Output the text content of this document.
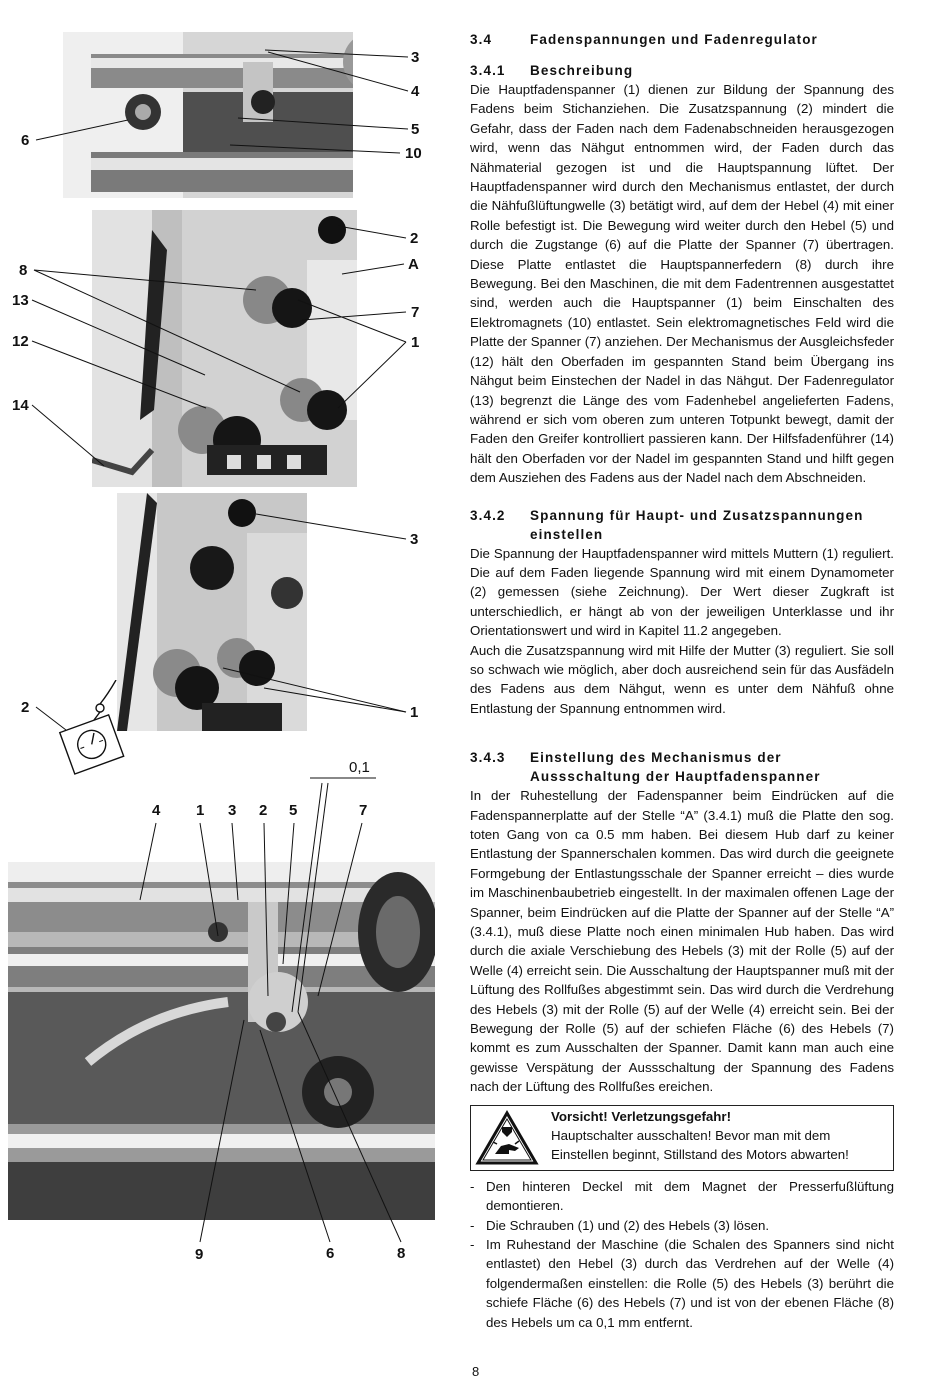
3
4
5
10
6
2
A
7
1
8
13
12
14
3
1
2
0,1
4 1 3 2 5	7
9	6	8
3.4	Fadenspannungen und Fadenregulator
3.4.1	Beschreibung

Die Hauptfadenspanner (1) dienen zur Bildung der Spannung des Fadens beim Stichanziehen. Die Zusatzspannung (2) mindert die Gefahr, dass der Faden nach dem Fadenabschneiden herausgezogen wird, wenn das Nähgut entnommen wird, der Faden durch das Nähmaterial gezogen ist und die Hauptspannung lüftet. Der Hauptfadenspanner wird durch den Mechanismus entlastet, der durch die Nähfußlüftungwelle (3) betätigt wird, auf dem der Hebel (4) mit einer Rolle befestigt ist. Die Bewegung wird weiter durch den Hebel (5) und durch die Zugstange (6) auf die Platte der Spanner (7) übertragen. Diese Platte entlastet die Hauptspannerfedern (8) durch ihre Bewegung. Bei den Maschinen, die mit dem Fadentrennen ausgestattet sind, werden auch die Hauptspanner (1) beim Einschalten des Elektromagnets (10) entlastet. Sein elektromagnetisches Feld wird die Platte der Spanner (7) anziehen. Der Mechanismus der Ausgleichsfeder (12) hält den Oberfaden im gespannten Stand beim Übergang ins Nähgut beim Einstechen der Nadel in das Nähgut. Der Fadenregulator (13) begrenzt die Länge des vom Fadenhebel angelieferten Fadens, während er sich vom oberen zum unteren Totpunkt bewegt, damit der Faden den Greifer kontrolliert passieren kann. Der Hilfsfadenführer (14) hält den Oberfaden vor der Nadel im gespannten Stand und hilft gegen dem Ausziehen des Fadens aus der Nadel nach dem Abschneiden.

3.4.2	Spannung für Haupt- und Zusatzspannungen einstellen

Die Spannung der Hauptfadenspanner wird mittels Muttern (1) reguliert. Die auf dem Faden liegende Spannung wird mit einem Dynamometer (2) gemessen (siehe Zeichnung). Der Wert dieser Zugkraft ist unterschiedlich, er hängt ab von der jeweiligen Unterklasse und ihr Orientationswert und wird in Kapitel 11.2 angegeben.

Auch die Zusatzspannung wird mit Hilfe der Mutter (3) reguliert. Sie soll so schwach wie möglich, aber doch ausreichend sein für das Ausfädeln des Fadens aus dem Nähgut, wenn es unter dem Nähfuß ohne Entlastung der Spannung entnommen wird.

3.4.3	Einstellung des Mechanismus der Aussschaltung der Hauptfadenspanner

In der Ruhestellung der Fadenspanner beim Eindrücken auf die Fadenspannerplatte auf der Stelle “A” (3.4.1) muß die Platte den sog. toten Gang von ca 0.5 mm haben. Bei diesem Hub darf zu keiner Entlastung der Spannerschalen kommen. Das wird durch die geeignete Formgebung der Entlastungsschale der Spanner erreicht – dies wurde im Maschinenbaubetrieb eingestellt. In der maximalen offenen Lage der Spanner, beim Eindrücken auf die Platte der Spanner auf der Stelle “A” (3.4.1), muß diese Platte noch einen minimalen Hub haben. Das wird durch die axiale Verschiebung des Hebels (3) mit der Rolle (5) auf der Welle (4) erreicht sein. Die Ausschaltung der Hauptspanner muß mit der Lüftung des Rollfußes abgestimmt sein. Das wird durch die Verdrehung des Hebels (3) mit der Rolle (5) auf der Welle (4) erreicht sein. Bei der Bewegung der Rolle (5) auf der schiefen Fläche (6) des Hebels (7) kommt es zum Ausschalten der Spanner. Damit kann man auch eine gewisse Verspätung der Aussschaltung der Spannung des Fadens nach der Lüftung des Rollfußes ereichen.

Vorsicht! Verletzungsgefahr!
Hauptschalter ausschalten! Bevor man mit dem Einstellen beginnt, Stillstand des Motors abwarten!
- Den hinteren Deckel mit dem Magnet der Presserfußlüftung demontieren.
- Die Schrauben (1) und (2) des Hebels (3) lösen.
- Im Ruhestand der Maschine (die Schalen des Spanners sind nicht entlastet) den Hebel (3) durch das Verdrehen auf der Welle (4) folgendermaßen einstellen: die Rolle (5) des Hebels (3) berührt die schiefe Fläche (6) des Hebels (7) und ist von der ebenen Fläche (8) des Hebels um ca 0,1 mm entfernt.
8
